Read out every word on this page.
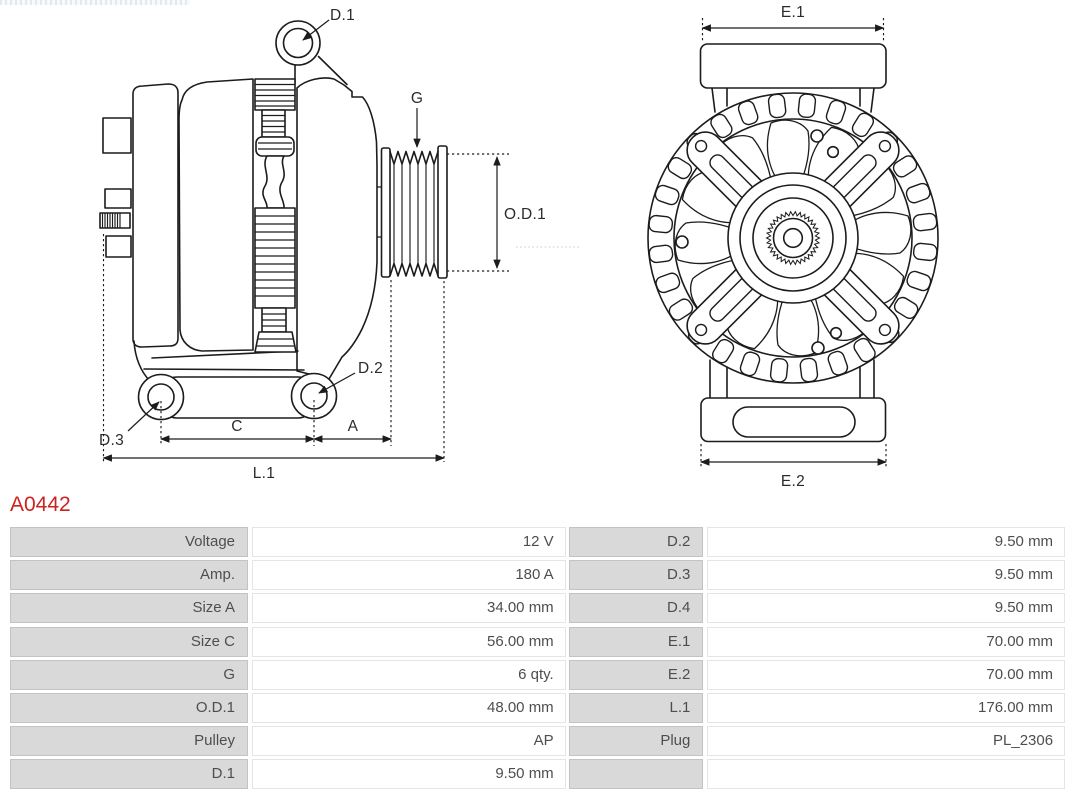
D.1
G
O.D.1
D.2
D.3
C	A
L.1
E.1
E.2
A0442
Voltage	12 V	D.2	9.50 mm
Amp.	180 A	D.3	9.50 mm
Size A	34.00 mm	D.4	9.50 mm
Size C	56.00 mm	E.1	70.00 mm
G	6 qty.	E.2	70.00 mm
O.D.1	48.00 mm	L.1	176.00 mm
Pulley	AP	Plug	PL_2306
D.1	9.50 mm
